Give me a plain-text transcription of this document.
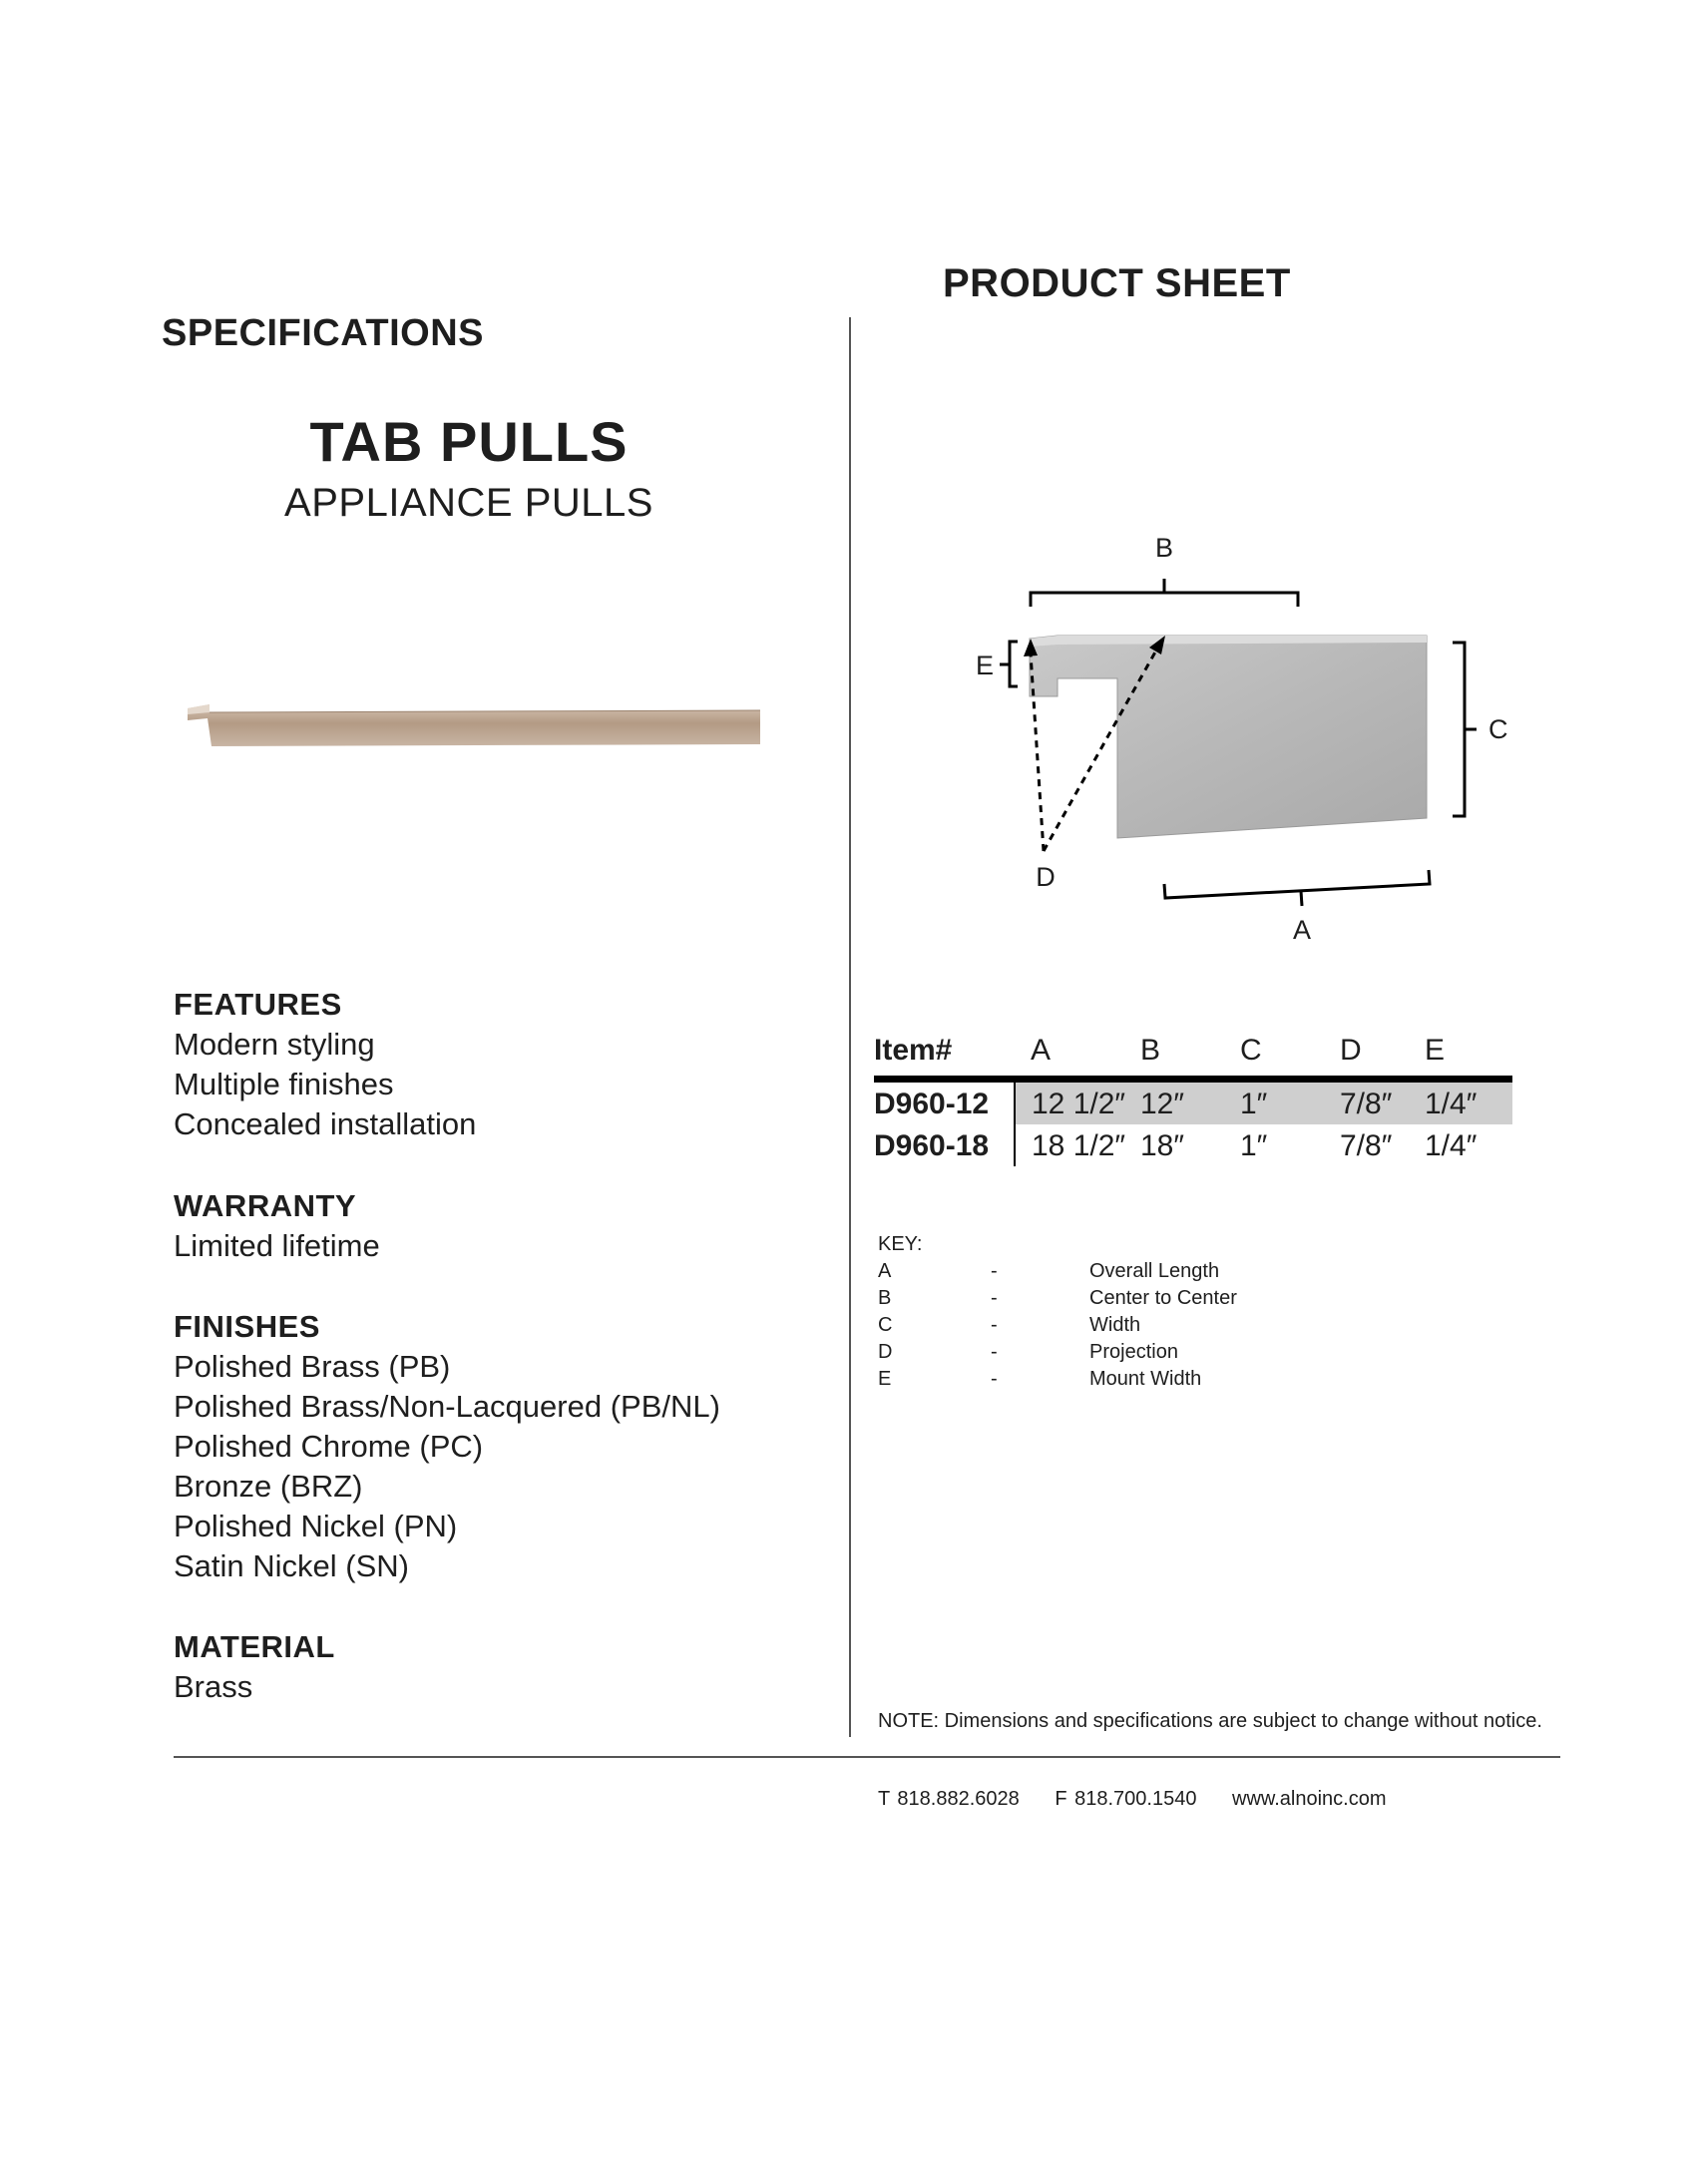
PRODUCT SHEET
SPECIFICATIONS
TAB PULLS
APPLIANCE PULLS
FEATURES
Modern styling
Multiple finishes
Concealed installation
WARRANTY
Limited lifetime
FINISHES
Polished Brass (PB)
Polished Brass/Non-Lacquered (PB/NL)
Polished Chrome (PC)
Bronze (BRZ)
Polished Nickel (PN)
Satin Nickel (SN)
MATERIAL
Brass
B
C
E
D
A
Item#	A	B	C	D	E
D960-12	12 1/2″	12″	1″	7/8″	1/4″
D960-18	18 1/2″	18″	1″	7/8″	1/4″
KEY:
A	-	Overall Length
B	-	Center to Center
C	-	Width
D	-	Projection
E	-	Mount Width
NOTE: Dimensions and specifications are subject to change without notice.
T 818.882.6028 F 818.700.1540 www.alnoinc.com
